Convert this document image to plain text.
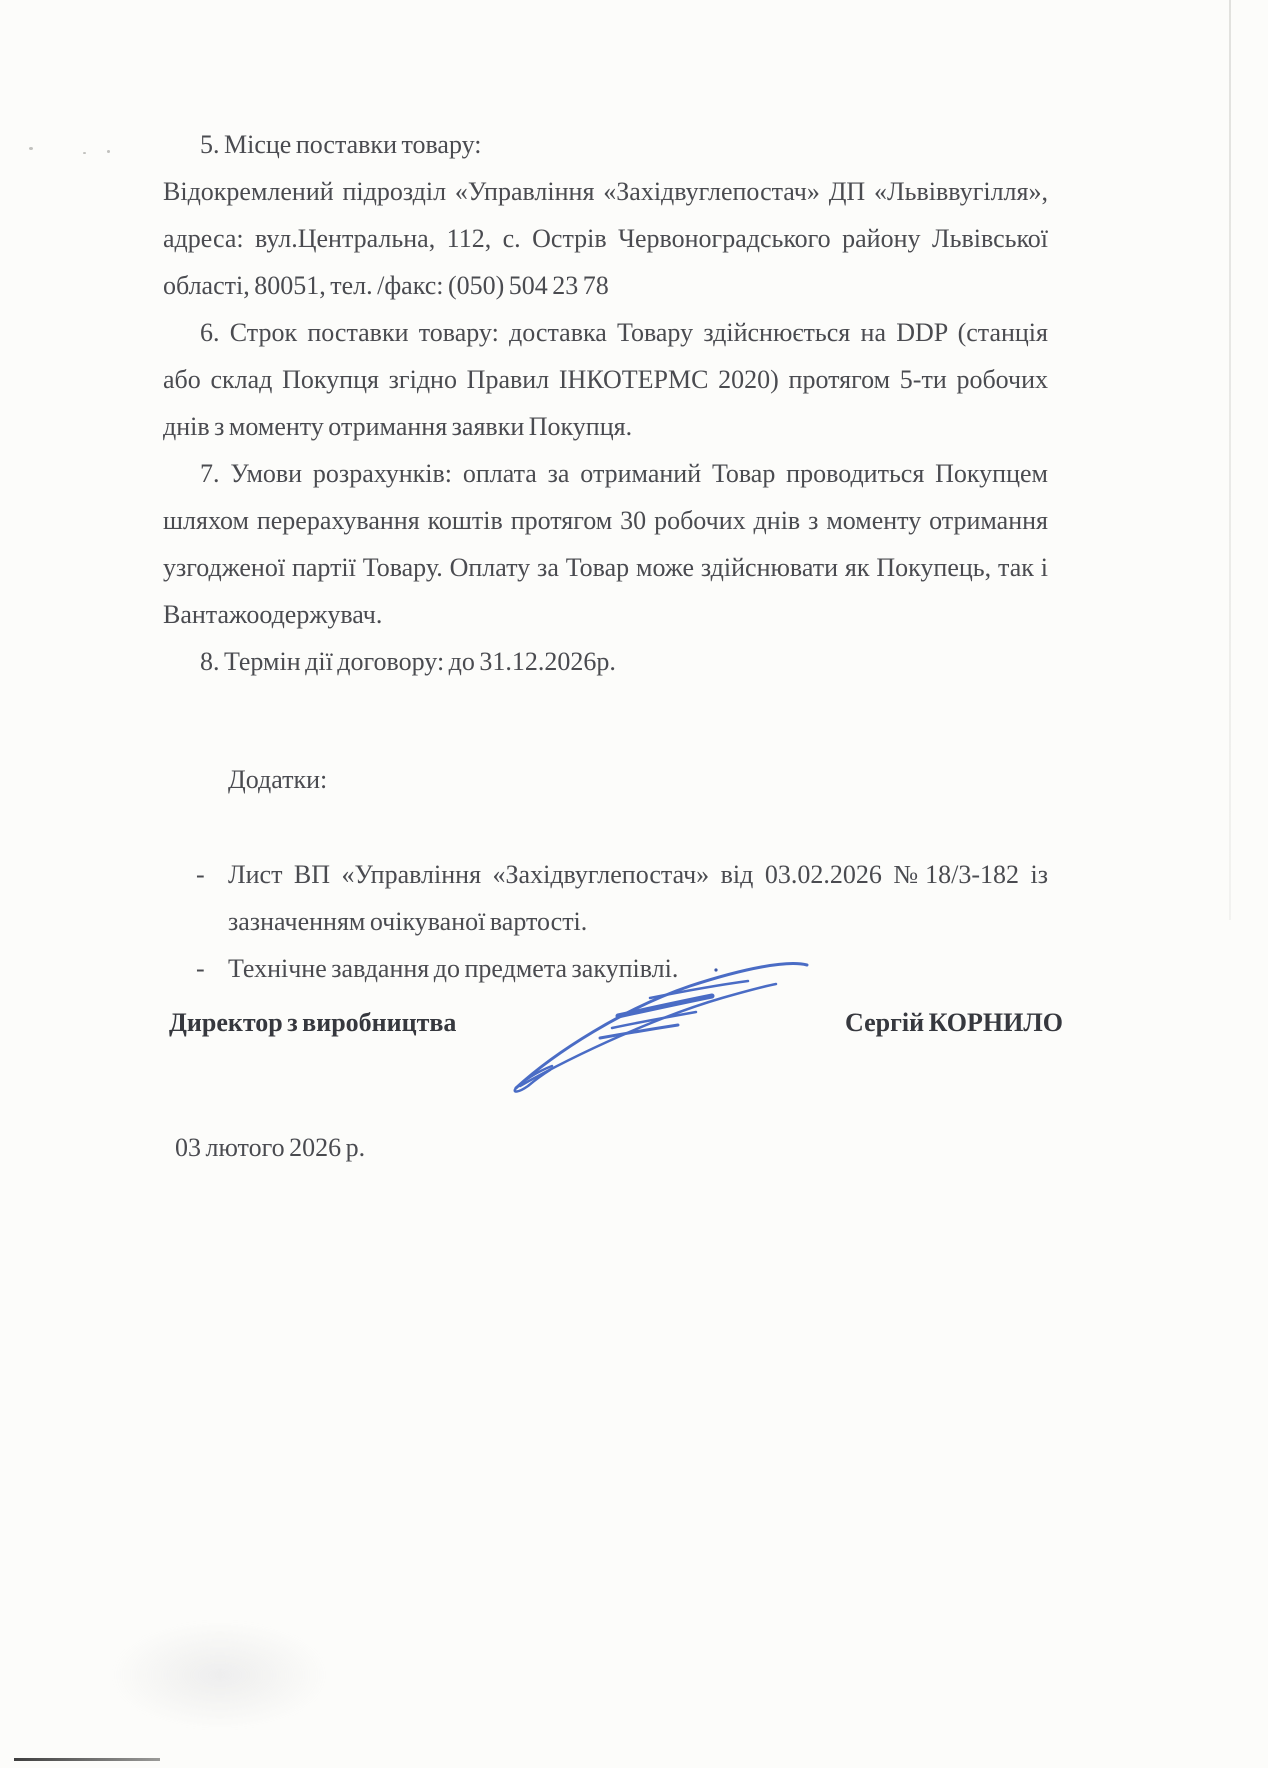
5. Місце поставки товару:
Відокремлений підрозділ «Управління «Західвуглепостач» ДП «Львіввугілля»,
адреса: вул.Центральна, 112, с. Острів Червоноградського району Львівської
області, 80051, тел. /факс: (050) 504 23 78
6. Строк поставки товару: доставка Товару здійснюється на DDP (станція
або склад Покупця згідно Правил ІНКОТЕРМС 2020) протягом 5-ти робочих
днів з моменту отримання заявки Покупця.
7. Умови розрахунків: оплата за отриманий Товар проводиться Покупцем
шляхом перерахування коштів протягом 30 робочих днів з моменту отримання
узгодженої партії Товару. Оплату за Товар може здійснювати як Покупець, так і
Вантажоодержувач.
8. Термін дії договору: до 31.12.2026р.
Додатки:
- Лист ВП «Управління «Західвуглепостач» від 03.02.2026 №18/3-182 із
зазначенням очікуваної вартості.
- Технічне завдання до предмета закупівлі.
Директор з виробництва	Сергій КОРНИЛО
03 лютого 2026 р.
